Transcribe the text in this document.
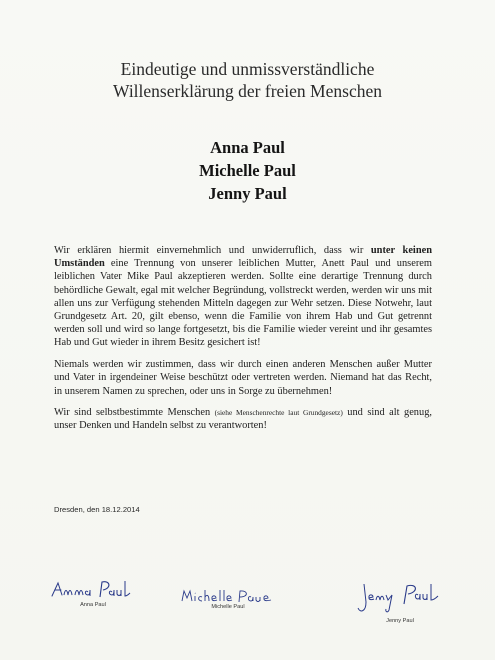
Eindeutige und unmissverständliche
Willenserklärung der freien Menschen
Anna Paul
Michelle Paul
Jenny Paul

Wir erklären hiermit einvernehmlich und unwiderruflich, dass wir unter keinen Umständen eine Trennung von unserer leiblichen Mutter, Anett Paul und unserem leiblichen Vater Mike Paul akzeptieren werden. Sollte eine derartige Trennung durch behördliche Gewalt, egal mit welcher Begründung, vollstreckt werden, werden wir uns mit allen uns zur Verfügung stehenden Mitteln dagegen zur Wehr setzen. Diese Notwehr, laut Grundgesetz Art. 20, gilt ebenso, wenn die Familie von ihrem Hab und Gut getrennt werden soll und wird so lange fortgesetzt, bis die Familie wieder vereint und ihr gesamtes Hab und Gut wieder in ihrem Besitz gesichert ist!

Niemals werden wir zustimmen, dass wir durch einen anderen Menschen außer Mutter und Vater in irgendeiner Weise beschützt oder vertreten werden. Niemand hat das Recht, in unserem Namen zu sprechen, oder uns in Sorge zu übernehmen!

Wir sind selbstbestimmte Menschen (siehe Menschenrechte laut Grundgesetz) und sind alt genug, unser Denken und Handeln selbst zu verantworten!

Dresden, den 18.12.2014
Anna Paul	Michelle Paul
Jenny Paul
